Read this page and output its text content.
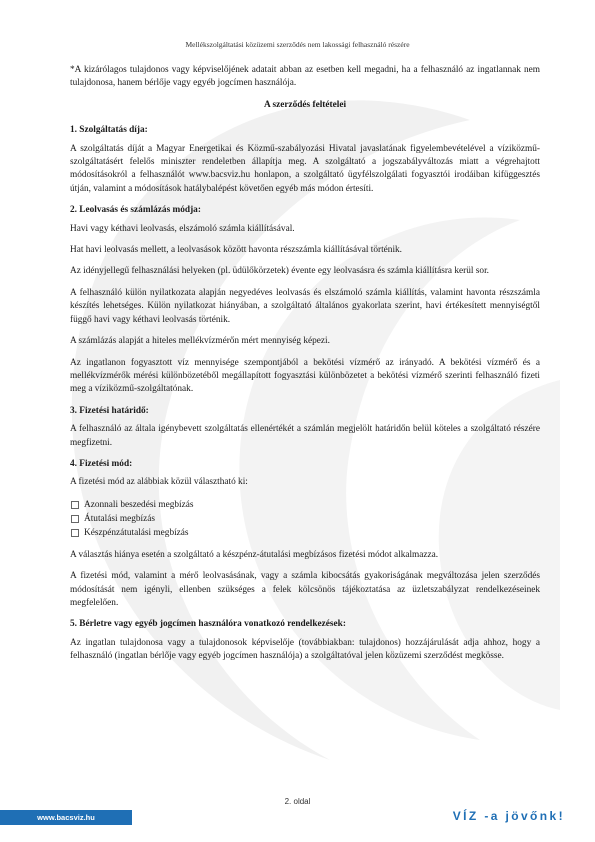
Mellékszolgáltatási közüzemi szerződés nem lakossági felhasználó részére

*A kizárólagos tulajdonos vagy képviselőjének adatait abban az esetben kell megadni, ha a felhasználó az ingatlannak nem tulajdonosa, hanem bérlője vagy egyéb jogcímen használója.

A szerződés feltételei

1. Szolgáltatás díja:

A szolgáltatás díját a Magyar Energetikai és Közmű-szabályozási Hivatal javaslatának figyelembevételével a víziközmű-szolgáltatásért felelős miniszter rendeletben állapítja meg. A szolgáltató a jogszabályváltozás miatt a végrehajtott módosításokról a felhasználót www.bacsviz.hu honlapon, a szolgáltató ügyfélszolgálati fogyasztói irodáiban kifüggesztés útján, valamint a módosítások hatálybalépést követően egyéb más módon értesíti.

2. Leolvasás és számlázás módja:

Havi vagy kéthavi leolvasás, elszámoló számla kiállításával.

Hat havi leolvasás mellett, a leolvasások között havonta részszámla kiállításával történik.

Az idényjellegű felhasználási helyeken (pl. üdülőkörzetek) évente egy leolvasásra és számla kiállításra kerül sor.

A felhasználó külön nyilatkozata alapján negyedéves leolvasás és elszámoló számla kiállítás, valamint havonta részszámla készítés lehetséges. Külön nyilatkozat hiányában, a szolgáltató általános gyakorlata szerint, havi értékesített mennyiségtől függő havi vagy kéthavi leolvasás történik.

A számlázás alapját a hiteles mellékvízmérőn mért mennyiség képezi.

Az ingatlanon fogyasztott víz mennyisége szempontjából a bekötési vízmérő az irányadó. A bekötési vízmérő és a mellékvízmérők mérési különbözetéből megállapított fogyasztási különbözetet a bekötési vízmérő szerinti felhasználó fizeti meg a víziközmű-szolgáltatónak.

3. Fizetési határidő:

A felhasználó az általa igénybevett szolgáltatás ellenértékét a számlán megjelölt határidőn belül köteles a szolgáltató részére megfizetni.

4. Fizetési mód:

A fizetési mód az alábbiak közül választható ki:

Azonnali beszedési megbízás
Átutalási megbízás
Készpénzátutalási megbízás

A választás hiánya esetén a szolgáltató a készpénz-átutalási megbízásos fizetési módot alkalmazza.

A fizetési mód, valamint a mérő leolvasásának, vagy a számla kibocsátás gyakoriságának megváltozása jelen szerződés módosítását nem igényli, ellenben szükséges a felek kölcsönös tájékoztatása az üzletszabályzat rendelkezéseinek megfelelően.

5. Bérletre vagy egyéb jogcímen használóra vonatkozó rendelkezések:

Az ingatlan tulajdonosa vagy a tulajdonosok képviselője (továbbiakban: tulajdonos) hozzájárulását adja ahhoz, hogy a felhasználó (ingatlan bérlője vagy egyéb jogcímen használója) a szolgáltatóval jelen közüzemi szerződést megkösse.

2. oldal
www.bacsviz.hu	VÍZ -a jövőnk!
